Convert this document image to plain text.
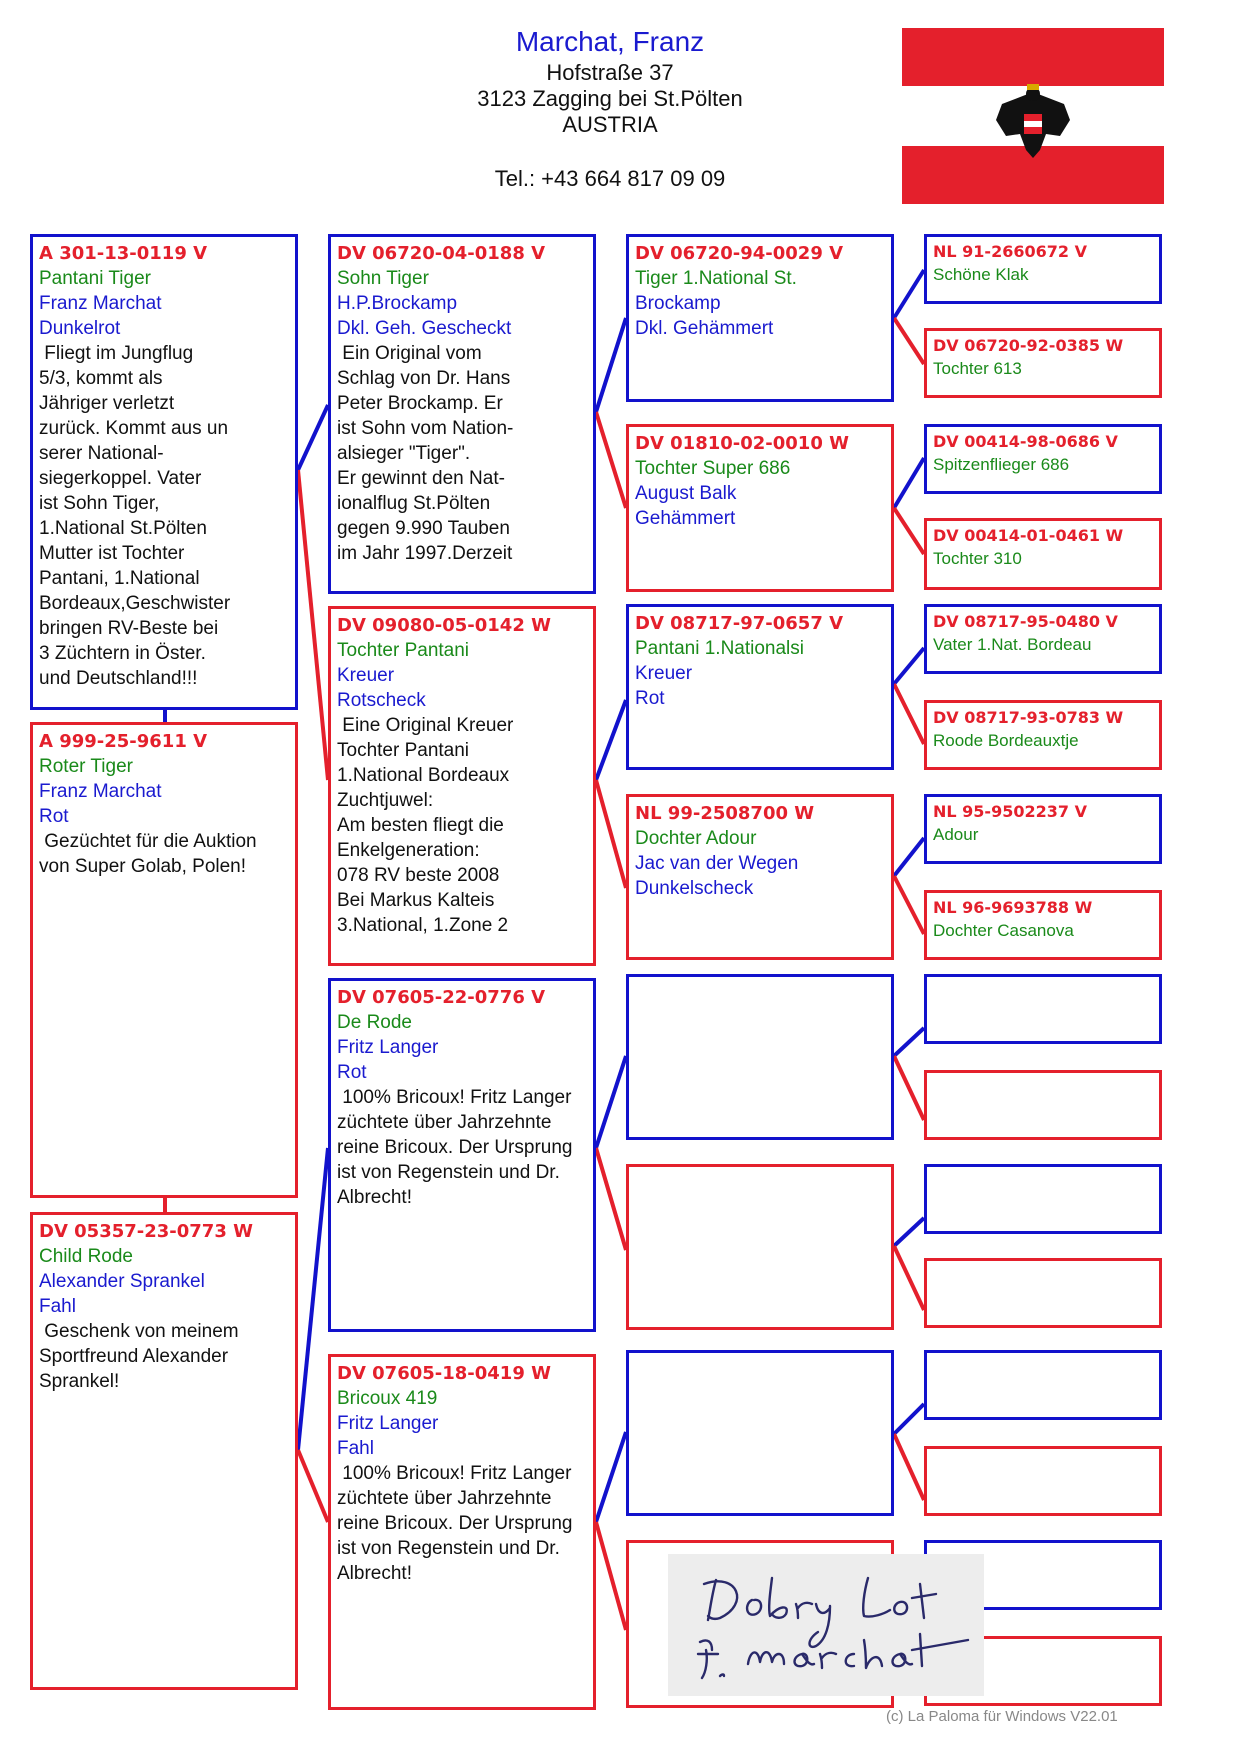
Marchat, Franz
Hofstraße 37
3123 Zagging bei St.Pölten
AUSTRIA
Tel.: +43 664 817 09 09
A 301-13-0119 V
Pantani Tiger
Franz Marchat
Dunkelrot
Fliegt im Jungflug
5/3, kommt als
Jähriger verletzt
zurück. Kommt aus un
serer National-
siegerkoppel. Vater
ist Sohn Tiger,
1.National St.Pölten
Mutter ist Tochter
Pantani, 1.National
Bordeaux,Geschwister
bringen RV-Beste bei
3 Züchtern in Öster.
und Deutschland!!!
A 999-25-9611 V
Roter Tiger
Franz Marchat
Rot
Gezüchtet für die Auktion
von Super Golab, Polen!
DV 05357-23-0773 W
Child Rode
Alexander Sprankel
Fahl
Geschenk von meinem
Sportfreund Alexander
Sprankel!
DV 06720-04-0188 V
Sohn Tiger
H.P.Brockamp
Dkl. Geh. Gescheckt
Ein Original vom
Schlag von Dr. Hans
Peter Brockamp. Er
ist Sohn vom Nation-
alsieger "Tiger".
Er gewinnt den Nat-
ionalflug St.Pölten
gegen 9.990 Tauben
im Jahr 1997.Derzeit
DV 09080-05-0142 W
Tochter Pantani
Kreuer
Rotscheck
Eine Original Kreuer
Tochter Pantani
1.National Bordeaux
Zuchtjuwel:
Am besten fliegt die
Enkelgeneration:
078 RV beste 2008
Bei Markus Kalteis
3.National, 1.Zone 2
DV 07605-22-0776 V
De Rode
Fritz Langer
Rot
100% Bricoux! Fritz Langer
züchtete über Jahrzehnte
reine Bricoux. Der Ursprung
ist von Regenstein und Dr.
Albrecht!
DV 07605-18-0419 W
Bricoux 419
Fritz Langer
Fahl
100% Bricoux! Fritz Langer
züchtete über Jahrzehnte
reine Bricoux. Der Ursprung
ist von Regenstein und Dr.
Albrecht!
DV 06720-94-0029 V
Tiger 1.National St.
Brockamp
Dkl. Gehämmert
DV 01810-02-0010 W
Tochter Super 686
August Balk
Gehämmert
DV 08717-97-0657 V
Pantani 1.Nationalsi
Kreuer
Rot
NL 99-2508700 W
Dochter Adour
Jac van der Wegen
Dunkelscheck
NL 91-2660672 V
Schöne Klak
DV 06720-92-0385 W
Tochter 613
DV 00414-98-0686 V
Spitzenflieger 686
DV 00414-01-0461 W
Tochter 310
DV 08717-95-0480 V
Vater 1.Nat. Bordeau
DV 08717-93-0783 W
Roode Bordeauxtje
NL 95-9502237 V
Adour
NL 96-9693788 W
Dochter Casanova
(c) La Paloma für Windows V22.01
